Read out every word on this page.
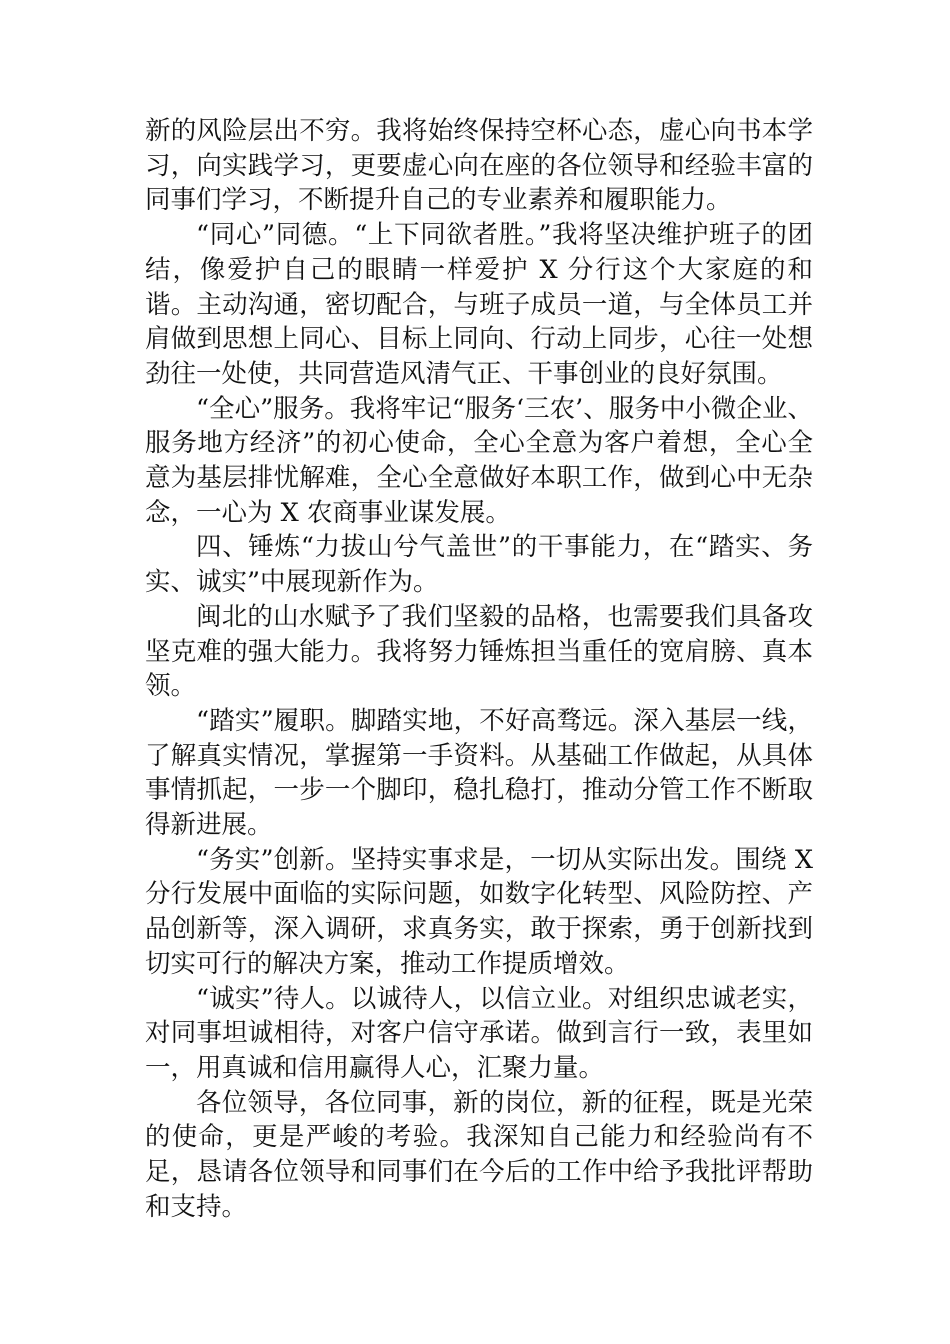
新的风险层出不穷。我将始终保持空杯心态，虚心向书本学习，向实践学习，更要虚心向在座的各位领导和经验丰富的同事们学习，不断提升自己的专业素养和履职能力。

“同心”同德。“上下同欲者胜。”我将坚决维护班子的团结，像爱护自己的眼睛一样爱护 X 分行这个大家庭的和谐。主动沟通，密切配合，与班子成员一道，与全体员工并肩做到思想上同心、目标上同向、行动上同步，心往一处想劲往一处使，共同营造风清气正、干事创业的良好氛围。

“全心”服务。我将牢记“服务‘三农’、服务中小微企业、服务地方经济”的初心使命，全心全意为客户着想，全心全意为基层排忧解难，全心全意做好本职工作，做到心中无杂念，一心为 X 农商事业谋发展。

四、锤炼“力拔山兮气盖世”的干事能力，在“踏实、务实、诚实”中展现新作为。

闽北的山水赋予了我们坚毅的品格，也需要我们具备攻坚克难的强大能力。我将努力锤炼担当重任的宽肩膀、真本领。

“踏实”履职。脚踏实地，不好高骛远。深入基层一线，了解真实情况，掌握第一手资料。从基础工作做起，从具体事情抓起，一步一个脚印，稳扎稳打，推动分管工作不断取得新进展。

“务实”创新。坚持实事求是，一切从实际出发。围绕 X 分行发展中面临的实际问题，如数字化转型、风险防控、产品创新等，深入调研，求真务实，敢于探索，勇于创新找到切实可行的解决方案，推动工作提质增效。

“诚实”待人。以诚待人，以信立业。对组织忠诚老实，对同事坦诚相待，对客户信守承诺。做到言行一致，表里如一，用真诚和信用赢得人心，汇聚力量。

各位领导，各位同事，新的岗位，新的征程，既是光荣的使命，更是严峻的考验。我深知自己能力和经验尚有不足，恳请各位领导和同事们在今后的工作中给予我批评帮助和支持。
